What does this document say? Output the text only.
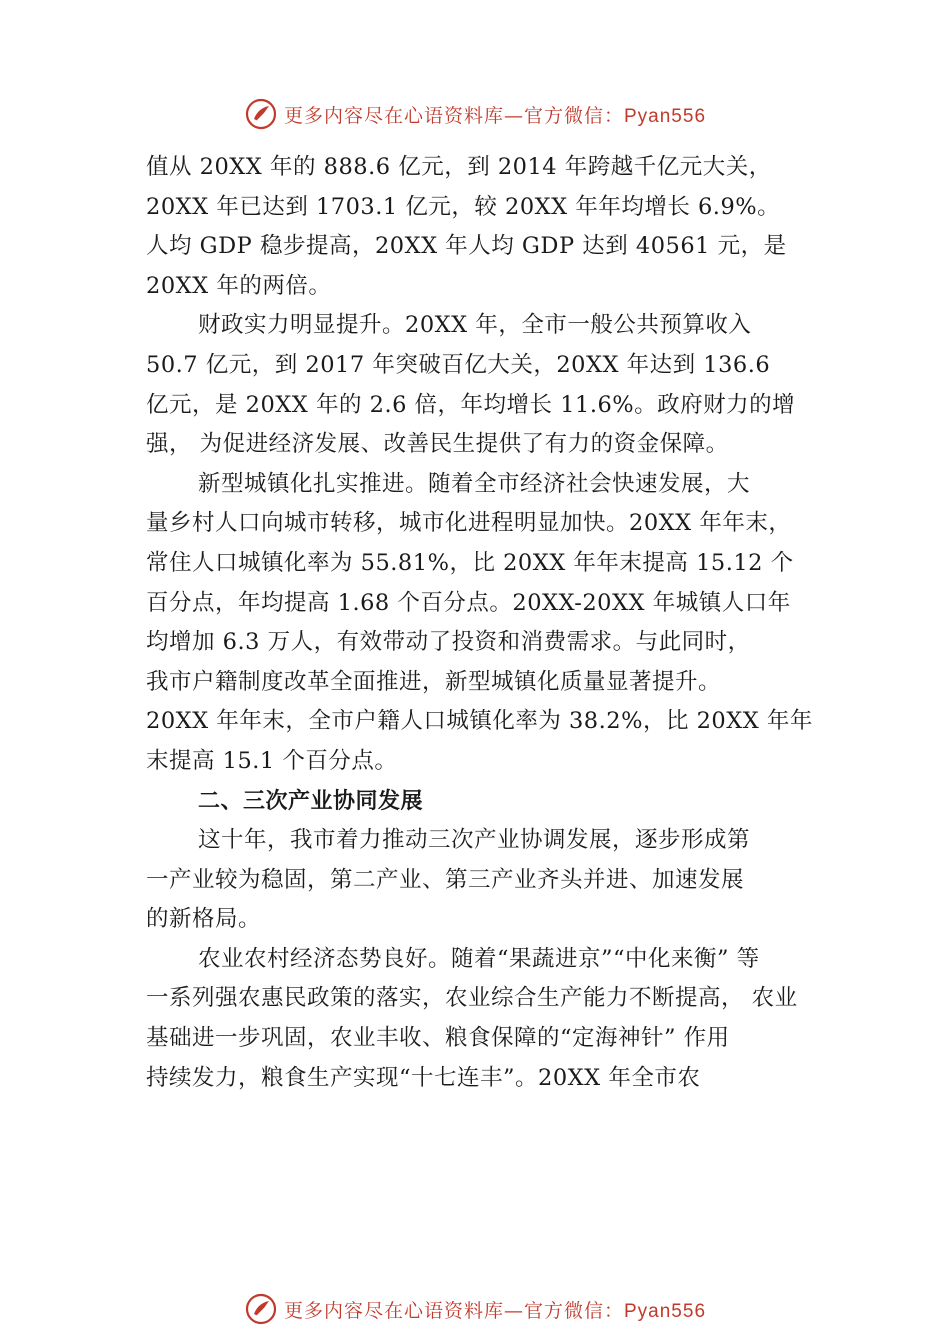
更多内容尽在心语资料库—官方微信：Pyan556
值从 20XX 年的 888.6 亿元，到 2014 年跨越千亿元大关，
20XX 年已达到 1703.1 亿元，较 20XX 年年均增长 6.9%。
人均 GDP 稳步提高，20XX 年人均 GDP 达到 40561 元，是
20XX 年的两倍。
财政实力明显提升。20XX 年，全市一般公共预算收入
50.7 亿元，到 2017 年突破百亿大关，20XX 年达到 136.6
亿元，是 20XX 年的 2.6 倍，年均增长 11.6%。政府财力的增
强， 为促进经济发展、改善民生提供了有力的资金保障。
新型城镇化扎实推进。随着全市经济社会快速发展，大
量乡村人口向城市转移，城市化进程明显加快。20XX 年年末，
常住人口城镇化率为 55.81%，比 20XX 年年末提高 15.12 个
百分点，年均提高 1.68 个百分点。20XX-20XX 年城镇人口年
均增加 6.3 万人，有效带动了投资和消费需求。与此同时，
我市户籍制度改革全面推进，新型城镇化质量显著提升。
20XX 年年末，全市户籍人口城镇化率为 38.2%，比 20XX 年年
末提高 15.1 个百分点。
二、三次产业协同发展
这十年，我市着力推动三次产业协调发展，逐步形成第
一产业较为稳固，第二产业、第三产业齐头并进、加速发展
的新格局。
农业农村经济态势良好。随着“果蔬进京”“中化来衡” 等
一系列强农惠民政策的落实，农业综合生产能力不断提高， 农业
基础进一步巩固，农业丰收、粮食保障的“定海神针” 作用
持续发力，粮食生产实现“十七连丰”。20XX 年全市农
更多内容尽在心语资料库—官方微信：Pyan556
